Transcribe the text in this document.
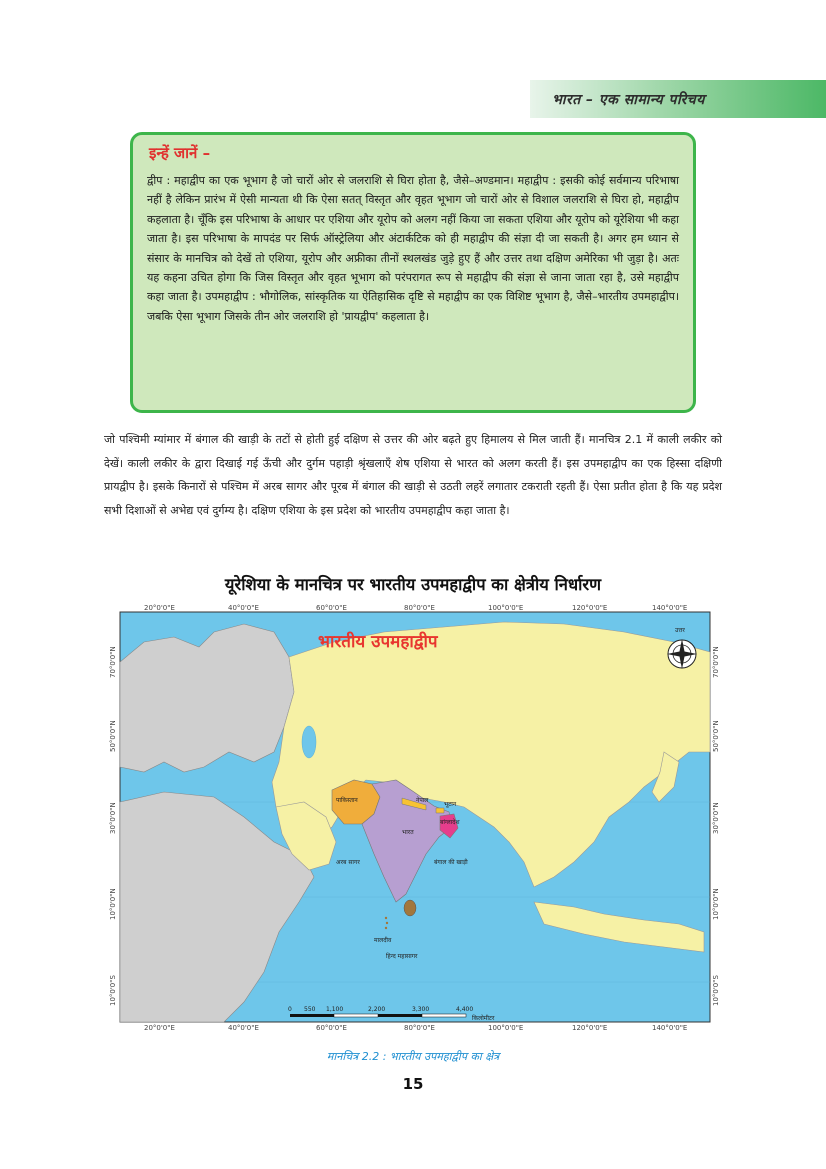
भारत – एक सामान्य परिचय
इन्हें जानें –
द्वीप : महाद्वीप का एक भूभाग है जो चारों ओर से जलराशि से घिरा होता है, जैसे–अण्डमान। महाद्वीप : इसकी कोई सर्वमान्य परिभाषा नहीं है लेकिन प्रारंभ में ऐसी मान्यता थी कि ऐसा सतत् विस्तृत और वृहत भूभाग जो चारों ओर से विशाल जलराशि से घिरा हो, महाद्वीप कहलाता है। चूँकि इस परिभाषा के आधार पर एशिया और यूरोप को अलग नहीं किया जा सकता एशिया और यूरोप को यूरेशिया भी कहा जाता है। इस परिभाषा के मापदंड पर सिर्फ ऑस्ट्रेलिया और अंटार्कटिक को ही महाद्वीप की संज्ञा दी जा सकती है। अगर हम ध्यान से संसार के मानचित्र को देखें तो एशिया, यूरोप और अफ्रीका तीनों स्थलखंड जुड़े हुए हैं और उत्तर तथा दक्षिण अमेरिका भी जुड़ा है। अतः यह कहना उचित होगा कि जिस विस्तृत और वृहत भूभाग को परंपरागत रूप से महाद्वीप की संज्ञा से जाना जाता रहा है, उसे महाद्वीप कहा जाता है। उपमहाद्वीप : भौगोलिक, सांस्कृतिक या ऐतिहासिक दृष्टि से महाद्वीप का एक विशिष्ट भूभाग है, जैसे–भारतीय उपमहाद्वीप। जबकि ऐसा भूभाग जिसके तीन ओर जलराशि हो 'प्रायद्वीप' कहलाता है।
जो पश्चिमी म्यांमार में बंगाल की खाड़ी के तटों से होती हुई दक्षिण से उत्तर की ओर बढ़ते हुए हिमालय से मिल जाती हैं। मानचित्र 2.1 में काली लकीर को देखें। काली लकीर के द्वारा दिखाई गई ऊँची और दुर्गम पहाड़ी श्रृंखलाएँ शेष एशिया से भारत को अलग करती हैं। इस उपमहाद्वीप का एक हिस्सा दक्षिणी प्रायद्वीप है। इसके किनारों से पश्चिम में अरब सागर और पूरब में बंगाल की खाड़ी से उठती लहरें लगातार टकराती रहती हैं। ऐसा प्रतीत होता है कि यह प्रदेश सभी दिशाओं से अभेद्य एवं दुर्गम्य है। दक्षिण एशिया के इस प्रदेश को भारतीय उपमहाद्वीप कहा जाता है।
यूरेशिया के मानचित्र पर भारतीय उपमहाद्वीप का क्षेत्रीय निर्धारण
भारतीय उपमहाद्वीप
पाकिस्तान
भारत
नेपाल
भूटान
बांग्लादेश
अरब सागर	बंगाल की खाड़ी
मालदीव
हिन्द महासागर
उत्तर
0 550 1,100	2,200	3,300	4,400
किलोमीटर
20°0'0"E	40°0'0"E	60°0'0"E	80°0'0"E	100°0'0"E	120°0'0"E	140°0'0"E
20°0'0"E	40°0'0"E	60°0'0"E	80°0'0"E	100°0'0"E	120°0'0"E	140°0'0"E
70°0'0"N
50°0'0"N
30°0'0"N
10°0'0"N
10°0'0"S
70°0'0"N
50°0'0"N
30°0'0"N
10°0'0"N
10°0'0"S
मानचित्र 2.2 : भारतीय उपमहाद्वीप का क्षेत्र
15
